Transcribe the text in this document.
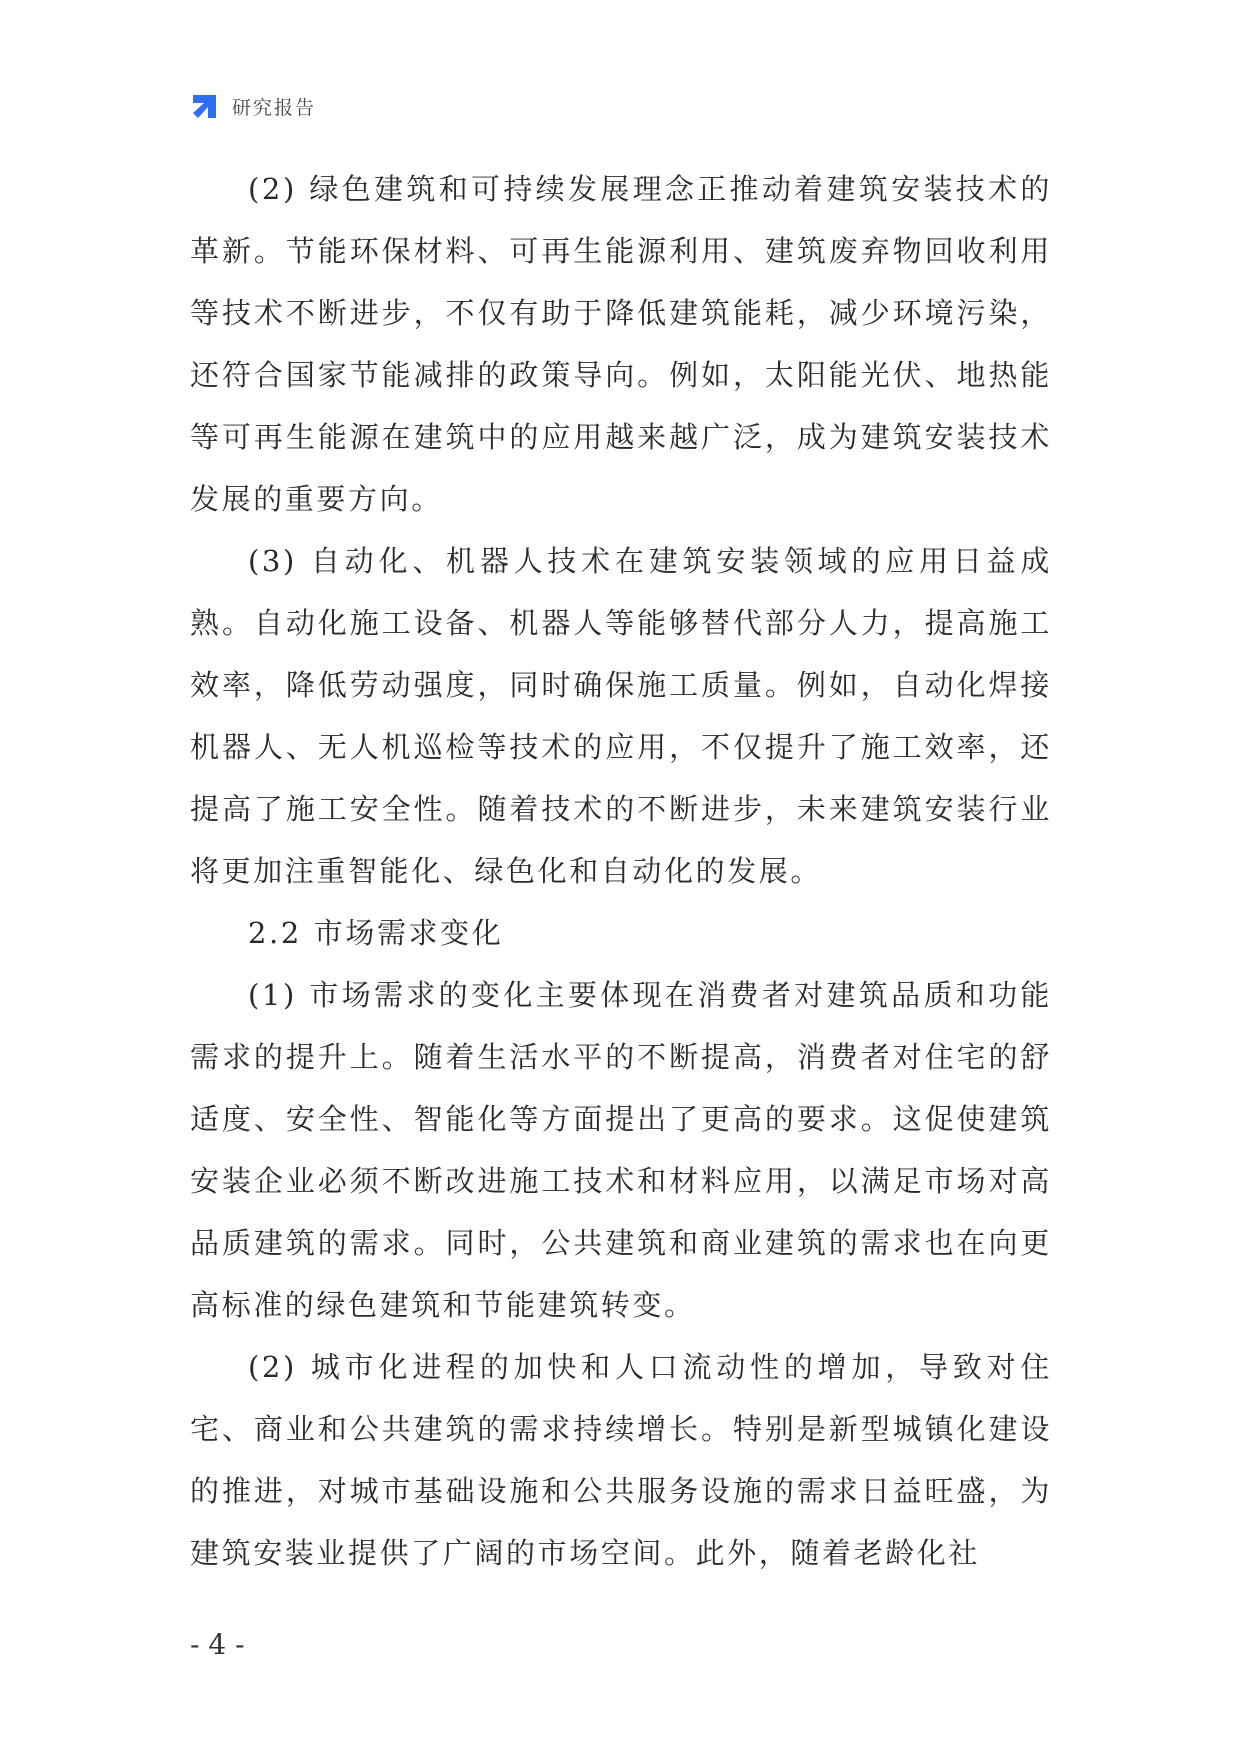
研究报告

(2) 绿色建筑和可持续发展理念正推动着建筑安装技术的革新。节能环保材料、可再生能源利用、建筑废弃物回收利用等技术不断进步，不仅有助于降低建筑能耗，减少环境污染，还符合国家节能减排的政策导向。例如，太阳能光伏、地热能等可再生能源在建筑中的应用越来越广泛，成为建筑安装技术发展的重要方向。

(3) 自动化、机器人技术在建筑安装领域的应用日益成熟。自动化施工设备、机器人等能够替代部分人力，提高施工效率，降低劳动强度，同时确保施工质量。例如，自动化焊接机器人、无人机巡检等技术的应用，不仅提升了施工效率，还提高了施工安全性。随着技术的不断进步，未来建筑安装行业将更加注重智能化、绿色化和自动化的发展。

2.2 市场需求变化

(1) 市场需求的变化主要体现在消费者对建筑品质和功能需求的提升上。随着生活水平的不断提高，消费者对住宅的舒适度、安全性、智能化等方面提出了更高的要求。这促使建筑安装企业必须不断改进施工技术和材料应用，以满足市场对高品质建筑的需求。同时，公共建筑和商业建筑的需求也在向更高标准的绿色建筑和节能建筑转变。

(2) 城市化进程的加快和人口流动性的增加，导致对住宅、商业和公共建筑的需求持续增长。特别是新型城镇化建设的推进，对城市基础设施和公共服务设施的需求日益旺盛，为建筑安装业提供了广阔的市场空间。此外，随着老龄化社

- 4 -
